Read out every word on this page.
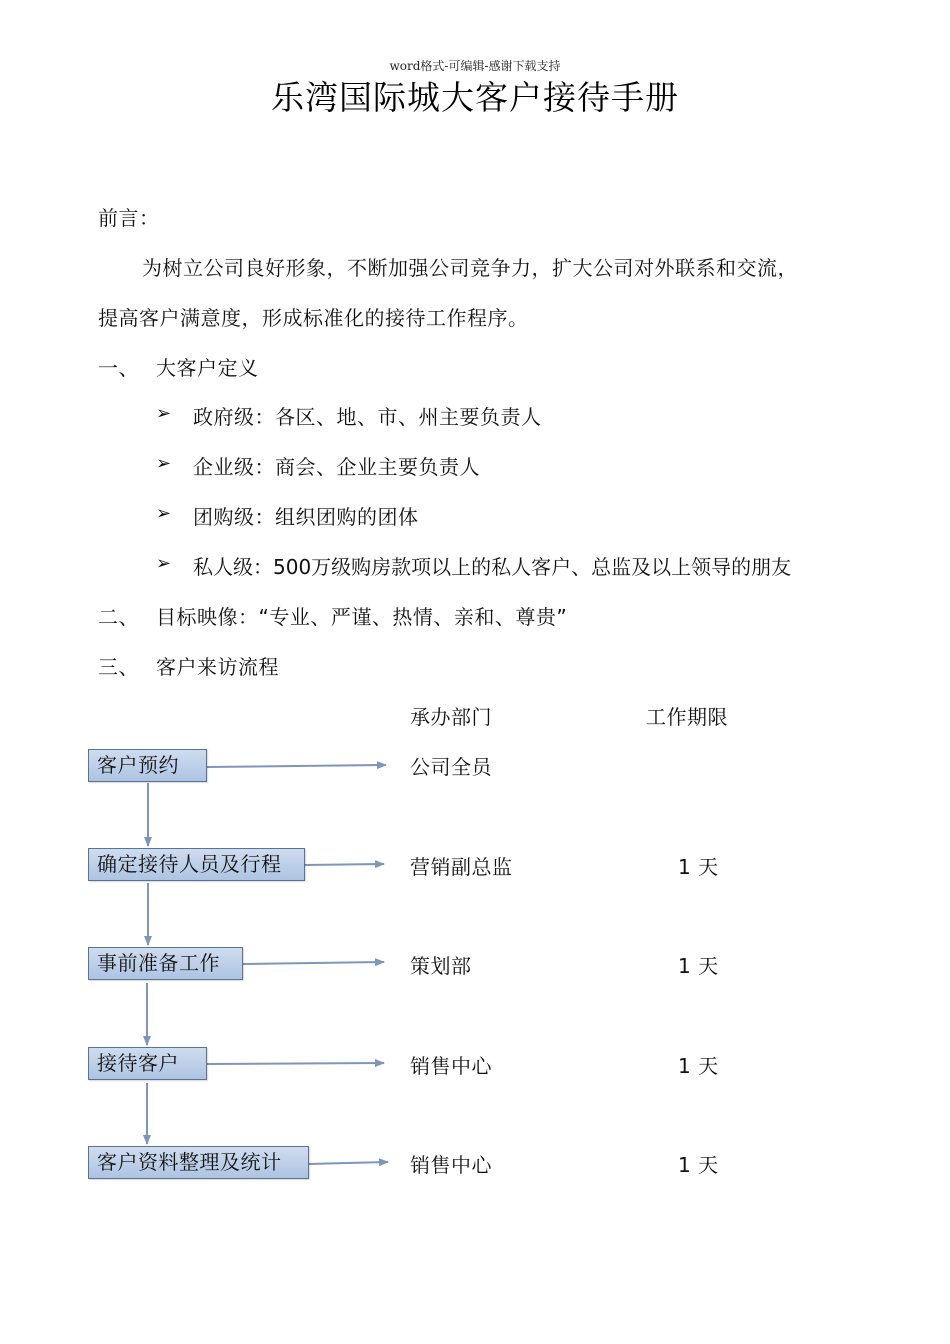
word格式-可编辑-感谢下载支持
乐湾国际城大客户接待手册
前言：
为树立公司良好形象，不断加强公司竞争力，扩大公司对外联系和交流，
提高客户满意度，形成标准化的接待工作程序。
一、 大客户定义
➢ 政府级：各区、地、市、州主要负责人
➢ 企业级：商会、企业主要负责人
➢ 团购级：组织团购的团体
➢ 私人级：500万级购房款项以上的私人客户、总监及以上领导的朋友
二、 目标映像：“专业、严谨、热情、亲和、尊贵”
三、 客户来访流程
承办部门	工作期限
客户预约
确定接待人员及行程
事前准备工作
接待客户
客户资料整理及统计
公司全员
营销副总监
策划部
销售中心
销售中心
1 天
1 天
1 天
1 天
